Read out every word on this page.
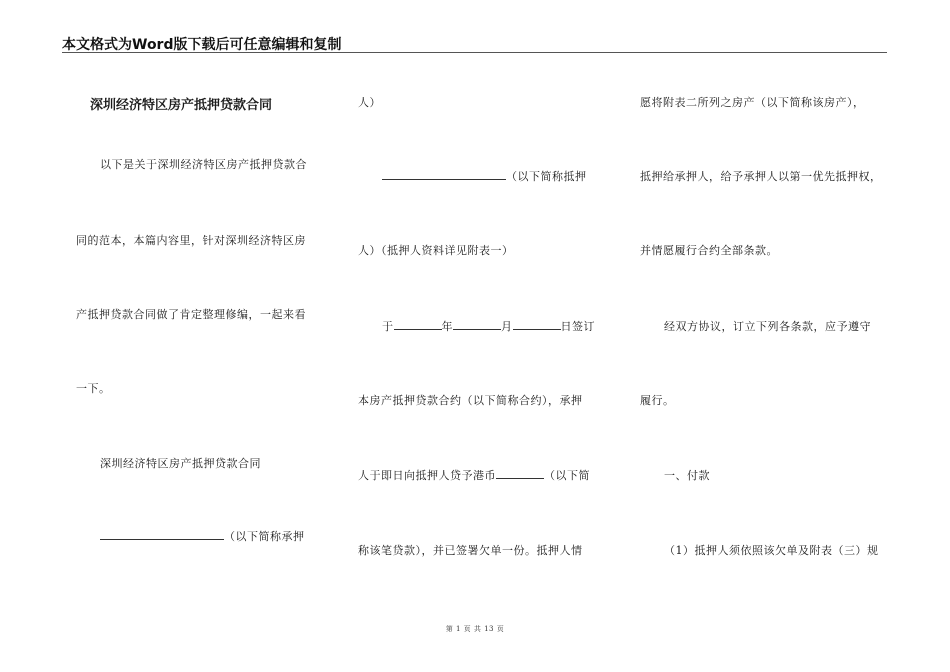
本文格式为Word版下载后可任意编辑和复制
深圳经济特区房产抵押贷款合同
以下是关于深圳经济特区房产抵押贷款合
同的范本，本篇内容里，针对深圳经济特区房
产抵押贷款合同做了肯定整理修编，一起来看
一下。
深圳经济特区房产抵押贷款合同
（以下简称承押
人）
（以下简称抵押
人）（抵押人资料详见附表一）
于	年	月	日签订
本房产抵押贷款合约（以下简称合约），承押
人于即日向抵押人贷予港币	（以下简
称该笔贷款），并已签署欠单一份。抵押人情
愿将附表二所列之房产（以下简称该房产），
抵押给承押人，给予承押人以第一优先抵押权，
并情愿履行合约全部条款。
经双方协议，订立下列各条款，应予遵守
履行。
一、付款
（1）抵押人须依照该欠单及附表（三）规
第 1 页 共 13 页
